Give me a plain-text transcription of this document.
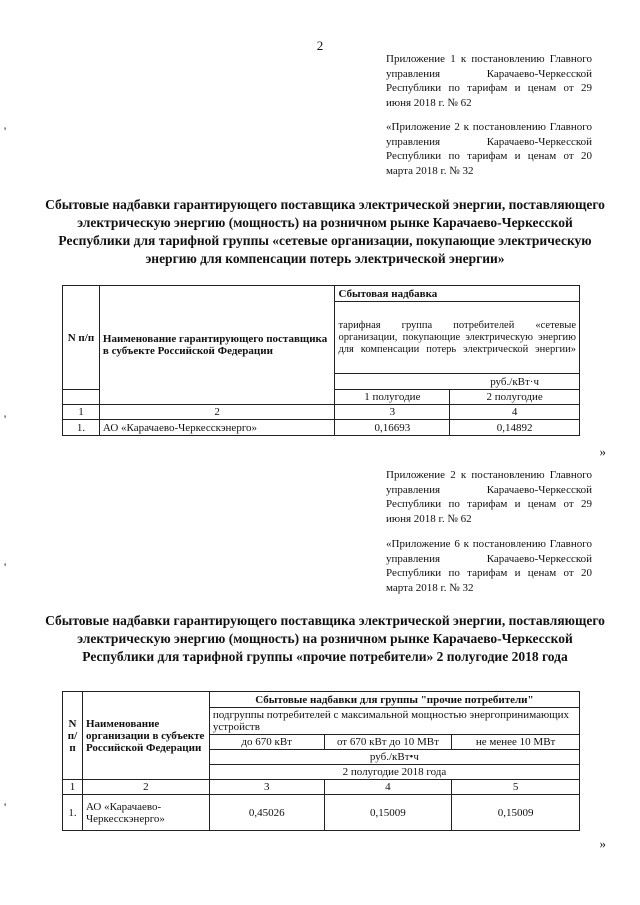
2
Приложение 1 к постановлению Главного управления Карачаево-Черкесской Республики по тарифам и ценам от 29 июня 2018 г. № 62
«Приложение 2 к постановлению Главного управления Карачаево-Черкесской Республики по тарифам и ценам от 20 марта 2018 г. № 32
'
Сбытовые надбавки гарантирующего поставщика электрической энергии, поставляющего электрическую энергию (мощность) на розничном рынке Карачаево-Черкесской Республики для тарифной группы «сетевые организации, покупающие электрическую энергию для компенсации потерь электрической энергии»
N п/п	Наименование гарантирующего поставщика в субъекте Российской Федерации	Сбытовая надбавка	
		тарифная группа потребителей «сетевые организации, покупающие электрическую энергию для компенсации потерь электрической энергии»	
		руб./кВт·ч	
		1 полугодие	2 полугодие
1	2	3	4
1.	АО «Карачаево-Черкесскэнерго»	0,16693	0,14892
'
»
Приложение 2 к постановлению Главного управления Карачаево-Черкесской Республики по тарифам и ценам от 29 июня 2018 г. № 62
«Приложение 6 к постановлению Главного управления Карачаево-Черкесской Республики по тарифам и ценам от 20 марта 2018 г. № 32
'
Сбытовые надбавки гарантирующего поставщика электрической энергии, поставляющего электрическую энергию (мощность) на розничном рынке Карачаево-Черкесской Республики для тарифной группы «прочие потребители» 2 полугодие 2018 года
N п/п	Наименование организации в субъекте Российской Федерации	Сбытовые надбавки для группы "прочие потребители"		
		подгруппы потребителей с максимальной мощностью энергопринимающих устройств		
		до 670 кВт	от 670 кВт до 10 МВт	не менее 10 МВт
		руб./кВт•ч		
		2 полугодие 2018 года		
1	2	3	4	5
1.	АО «Карачаево-Черкесскэнерго»	0,45026	0,15009	0,15009
'
»
